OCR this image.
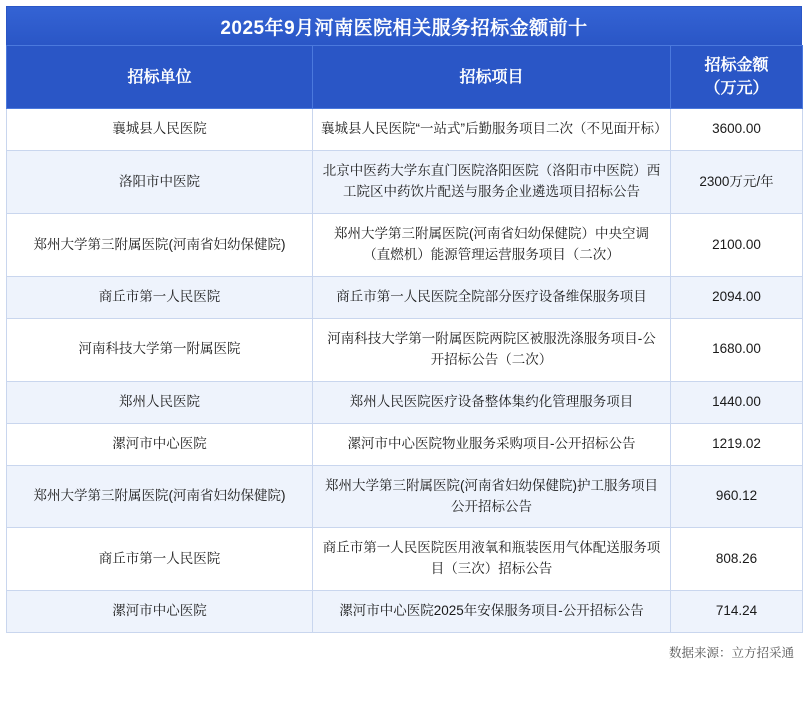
2025年9月河南医院相关服务招标金额前十
招标单位	招标项目	招标金额
（万元）

襄城县人民医院	襄城县人民医院“一站式”后勤服务项目二次（不见面开标）	3600.00
洛阳市中医院	北京中医药大学东直门医院洛阳医院（洛阳市中医院）西工院区中药饮片配送与服务企业遴选项目招标公告	2300万元/年
郑州大学第三附属医院(河南省妇幼保健院)	郑州大学第三附属医院(河南省妇幼保健院）中央空调（直燃机）能源管理运营服务项目（二次）	2100.00
商丘市第一人民医院	商丘市第一人民医院全院部分医疗设备维保服务项目	2094.00
河南科技大学第一附属医院	河南科技大学第一附属医院两院区被服洗涤服务项目-公开招标公告（二次）	1680.00
郑州人民医院	郑州人民医院医疗设备整体集约化管理服务项目	1440.00
漯河市中心医院	漯河市中心医院物业服务采购项目-公开招标公告	1219.02
郑州大学第三附属医院(河南省妇幼保健院)	郑州大学第三附属医院(河南省妇幼保健院)护工服务项目公开招标公告	960.12
商丘市第一人民医院	商丘市第一人民医院医用液氧和瓶装医用气体配送服务项目（三次）招标公告	808.26
漯河市中心医院	漯河市中心医院2025年安保服务项目-公开招标公告	714.24
数据来源：立方招采通
